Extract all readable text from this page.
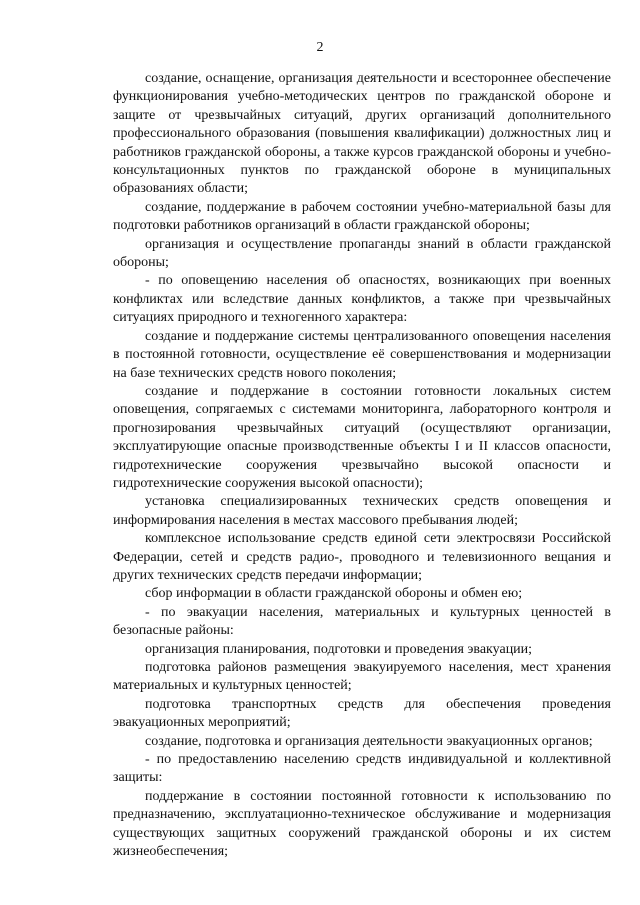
2

создание, оснащение, организация деятельности и всестороннее обеспечение функционирования учебно-методических центров по гражданской обороне и защите от чрезвычайных ситуаций, других организаций дополнительного профессионального образования (повышения квалификации) должностных лиц и работников гражданской обороны, а также курсов гражданской обороны и учебно-консультационных пунктов по гражданской обороне в муниципальных образованиях области;

создание, поддержание в рабочем состоянии учебно-материальной базы для подготовки работников организаций в области гражданской обороны;

организация и осуществление пропаганды знаний в области гражданской обороны;

- по оповещению населения об опасностях, возникающих при военных конфликтах или вследствие данных конфликтов, а также при чрезвычайных ситуациях природного и техногенного характера:

создание и поддержание системы централизованного оповещения населения в постоянной готовности, осуществление её совершенствования и модернизации на базе технических средств нового поколения;

создание и поддержание в состоянии готовности локальных систем оповещения, сопрягаемых с системами мониторинга, лабораторного контроля и прогнозирования чрезвычайных ситуаций (осуществляют организации, эксплуатирующие опасные производственные объекты I и II классов опасности, гидротехнические сооружения чрезвычайно высокой опасности и гидротехнические сооружения высокой опасности);

установка специализированных технических средств оповещения и информирования населения в местах массового пребывания людей;

комплексное использование средств единой сети электросвязи Российской Федерации, сетей и средств радио-, проводного и телевизионного вещания и других технических средств передачи информации;

сбор информации в области гражданской обороны и обмен ею;

- по эвакуации населения, материальных и культурных ценностей в безопасные районы:

организация планирования, подготовки и проведения эвакуации;

подготовка районов размещения эвакуируемого населения, мест хранения материальных и культурных ценностей;

подготовка транспортных средств для обеспечения проведения эвакуационных мероприятий;

создание, подготовка и организация деятельности эвакуационных органов;

- по предоставлению населению средств индивидуальной и коллективной защиты:

поддержание в состоянии постоянной готовности к использованию по предназначению, эксплуатационно-техническое обслуживание и модернизация существующих защитных сооружений гражданской обороны и их систем жизнеобеспечения;
